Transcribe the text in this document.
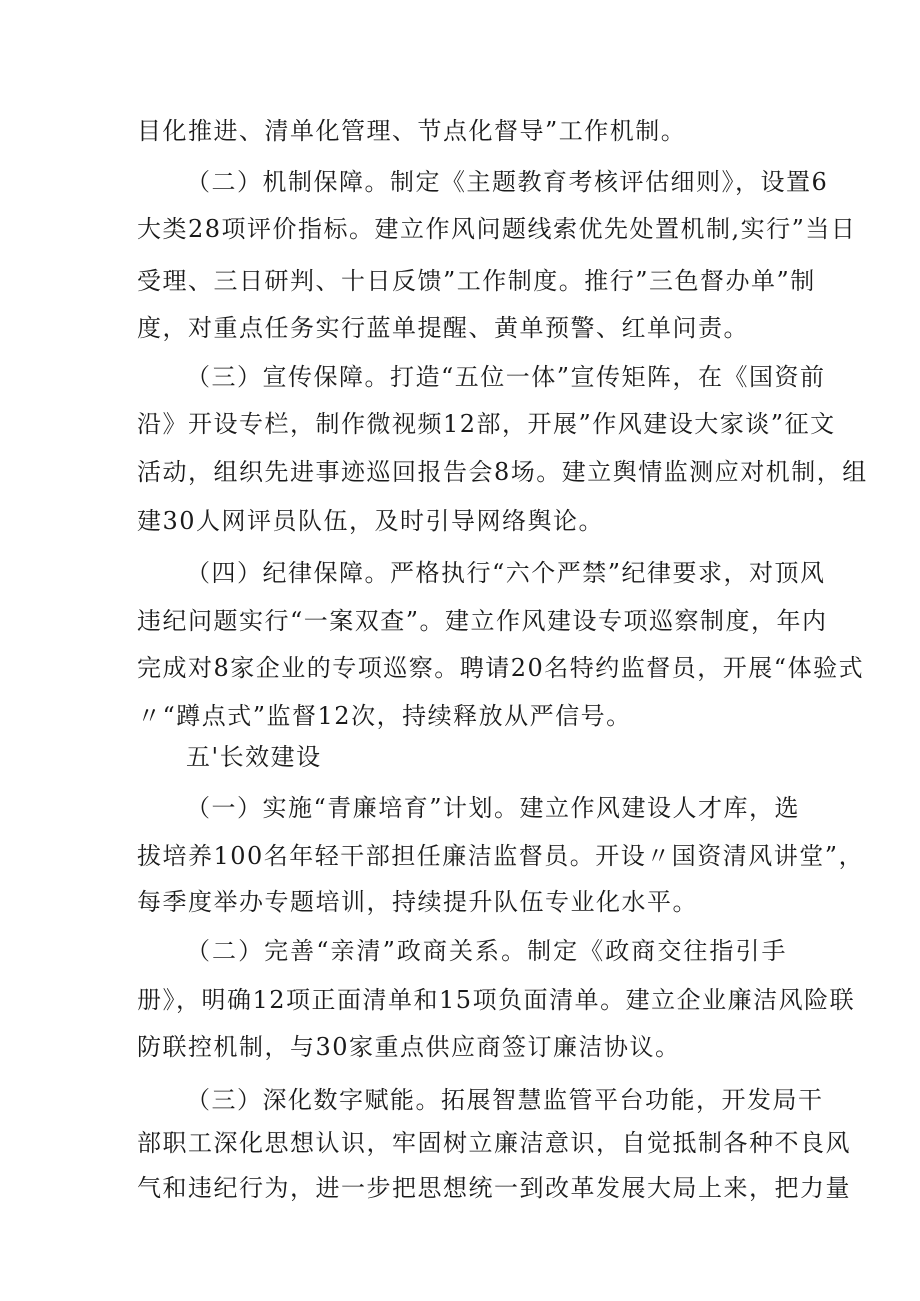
目化推进、清单化管理、节点化督导”工作机制。
（二）机制保障。制定《主题教育考核评估细则》，设置6
大类28项评价指标。建立作风问题线索优先处置机制,实行”当日
受理、三日研判、十日反馈”工作制度。推行”三色督办单”制
度，对重点任务实行蓝单提醒、黄单预警、红单问责。
（三）宣传保障。打造“五位一体”宣传矩阵，在《国资前
沿》开设专栏，制作微视频12部，开展”作风建设大家谈”征文
活动，组织先进事迹巡回报告会8场。建立舆情监测应对机制，组
建30人网评员队伍，及时引导网络舆论。
（四）纪律保障。严格执行“六个严禁”纪律要求，对顶风
违纪问题实行“一案双查”。建立作风建设专项巡察制度，年内
完成对8家企业的专项巡察。聘请20名特约监督员，开展“体验式
〃“蹲点式”监督12次，持续释放从严信号。
五'长效建设
（一）实施“青廉培育”计划。建立作风建设人才库，选
拔培养100名年轻干部担任廉洁监督员。开设〃国资清风讲堂”，
每季度举办专题培训，持续提升队伍专业化水平。
（二）完善“亲清”政商关系。制定《政商交往指引手
册》，明确12项正面清单和15项负面清单。建立企业廉洁风险联
防联控机制，与30家重点供应商签订廉洁协议。
（三）深化数字赋能。拓展智慧监管平台功能，开发局干
部职工深化思想认识，牢固树立廉洁意识，自觉抵制各种不良风
气和违纪行为，进一步把思想统一到改革发展大局上来，把力量
